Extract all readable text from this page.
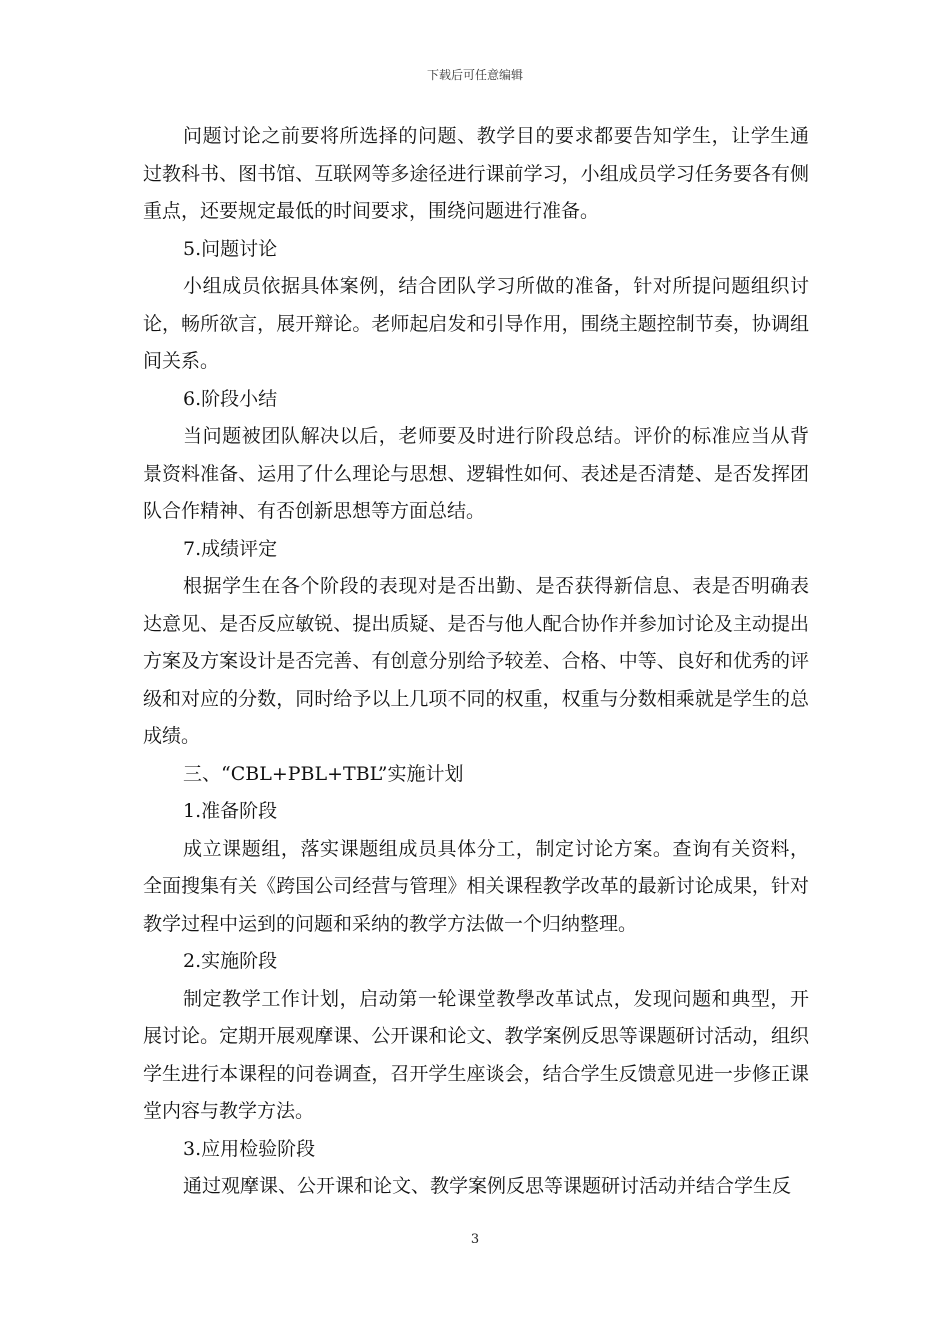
下载后可任意编辑

问题讨论之前要将所选择的问题、教学目的要求都要告知学生，让学生通过教科书、图书馆、互联网等多途径进行课前学习，小组成员学习任务要各有侧重点，还要规定最低的时间要求，围绕问题进行准备。

5.问题讨论

小组成员依据具体案例，结合团队学习所做的准备，针对所提问题组织讨论，畅所欲言，展开辩论。老师起启发和引导作用，围绕主题控制节奏，协调组间关系。

6.阶段小结

当问题被团队解决以后，老师要及时进行阶段总结。评价的标准应当从背景资料准备、运用了什么理论与思想、逻辑性如何、表述是否清楚、是否发挥团队合作精神、有否创新思想等方面总结。

7.成绩评定

根据学生在各个阶段的表现对是否出勤、是否获得新信息、表是否明确表达意见、是否反应敏锐、提出质疑、是否与他人配合协作并参加讨论及主动提出方案及方案设计是否完善、有创意分别给予较差、合格、中等、良好和优秀的评级和对应的分数，同时给予以上几项不同的权重，权重与分数相乘就是学生的总成绩。

三、“CBL+PBL+TBL”实施计划

1.准备阶段

成立课题组，落实课题组成员具体分工，制定讨论方案。查询有关资料，全面搜集有关《跨国公司经营与管理》相关课程教学改革的最新讨论成果，针对教学过程中运到的问题和采纳的教学方法做一个归纳整理。

2.实施阶段

制定教学工作计划，启动第一轮课堂教學改革试点，发现问题和典型，开展讨论。定期开展观摩课、公开课和论文、教学案例反思等课题研讨活动，组织学生进行本课程的问卷调查，召开学生座谈会，结合学生反馈意见进一步修正课堂内容与教学方法。

3.应用检验阶段

通过观摩课、公开课和论文、教学案例反思等课题研讨活动并结合学生反

3
